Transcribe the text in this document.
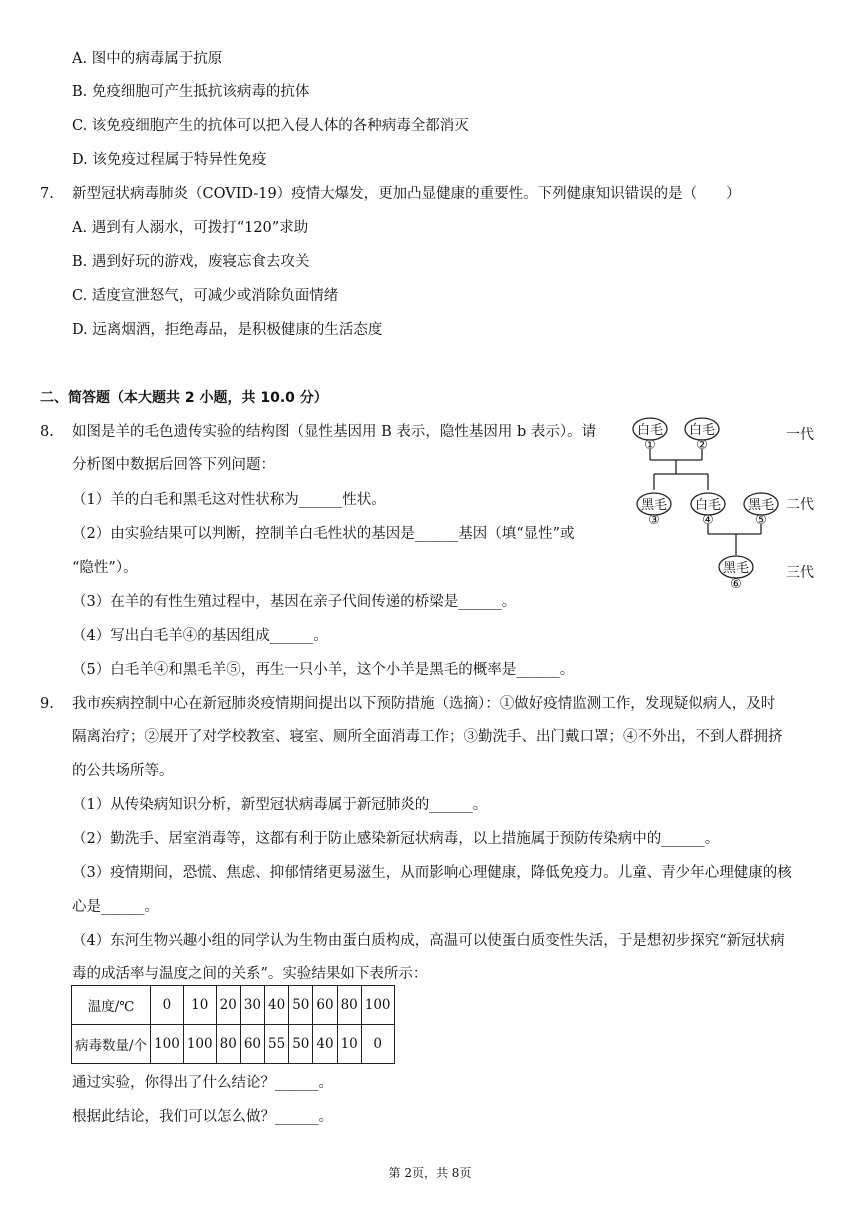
A. 图中的病毒属于抗原
B. 免疫细胞可产生抵抗该病毒的抗体
C. 该免疫细胞产生的抗体可以把入侵人体的各种病毒全都消灭
D. 该免疫过程属于特异性免疫
7. 新型冠状病毒肺炎（COVID-19）疫情大爆发，更加凸显健康的重要性。下列健康知识错误的是（　　）
A. 遇到有人溺水，可拨打“120”求助
B. 遇到好玩的游戏，废寝忘食去攻关
C. 适度宣泄怒气，可减少或消除负面情绪
D. 远离烟酒，拒绝毒品，是积极健康的生活态度
二、简答题（本大题共 2 小题，共 10.0 分）
8. 如图是羊的毛色遗传实验的结构图（显性基因用 B 表示，隐性基因用 b 表示）。请
分析图中数据后回答下列问题：
（1）羊的白毛和黑毛这对性状称为______性状。
（2）由实验结果可以判断，控制羊白毛性状的基因是______基因（填“显性”或
“隐性”）。
（3）在羊的有性生殖过程中，基因在亲子代间传递的桥梁是______。
（4）写出白毛羊④的基因组成______。
（5）白毛羊④和黑毛羊⑤，再生一只小羊，这个小羊是黑毛的概率是______。
白毛
①
白毛
②
黑毛
③
白毛
④
黑毛
⑤
黑毛
⑥
一代
二代
三代
9. 我市疾病控制中心在新冠肺炎疫情期间提出以下预防措施（选摘）：①做好疫情监测工作，发现疑似病人，及时
隔离治疗；②展开了对学校教室、寝室、厕所全面消毒工作；③勤洗手、出门戴口罩；④不外出，不到人群拥挤
的公共场所等。
（1）从传染病知识分析，新型冠状病毒属于新冠肺炎的______。
（2）勤洗手、居室消毒等，这都有利于防止感染新冠状病毒，以上措施属于预防传染病中的______。
（3）疫情期间，恐慌、焦虑、抑郁情绪更易滋生，从而影响心理健康，降低免疫力。儿童、青少年心理健康的核
心是______。
（4）东河生物兴趣小组的同学认为生物由蛋白质构成，高温可以使蛋白质变性失活，于是想初步探究“新冠状病
毒的成活率与温度之间的关系”。实验结果如下表所示：
温度/℃	0	10	20	30	40	50	60	80	100
病毒数量/个	100	100	80	60	55	50	40	10	0
通过实验，你得出了什么结论？______。
根据此结论，我们可以怎么做？______。
第 2页，共 8页
